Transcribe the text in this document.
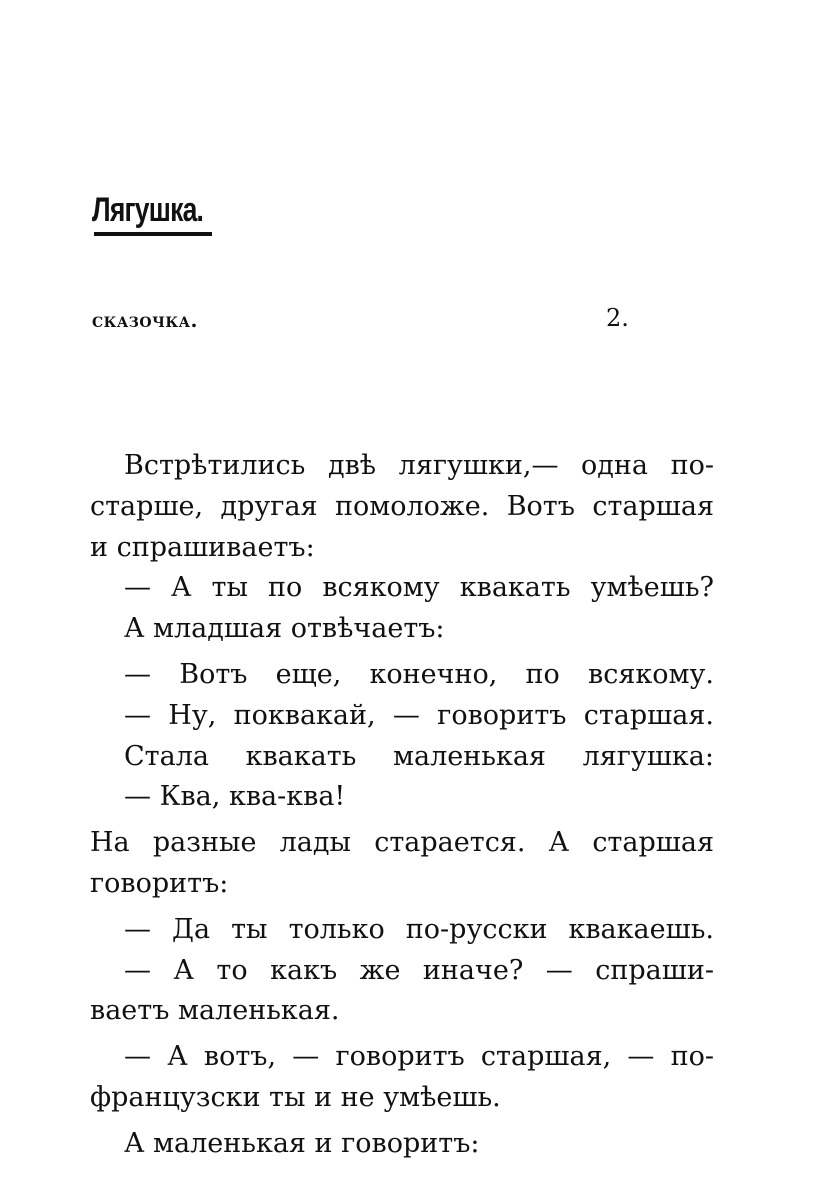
Лягушка.
сказочка.	2.
Встрѣтились двѣ лягушки,— одна по-
старше, другая помоложе. Вотъ старшая
и спрашиваетъ:
— А ты по всякому квакать умѣешь?
А младшая отвѣчаетъ:
— Вотъ еще, конечно, по всякому.
— Ну, поквакай, — говоритъ старшая.
Стала квакать маленькая лягушка:
— Ква, ква-ква!
На разные лады старается. А старшая
говоритъ:
— Да ты только по-русски квакаешь.
— А то какъ же иначе? — спраши-
ваетъ маленькая.
— А вотъ, — говоритъ старшая, — по-
французски ты и не умѣешь.
А маленькая и говоритъ:
